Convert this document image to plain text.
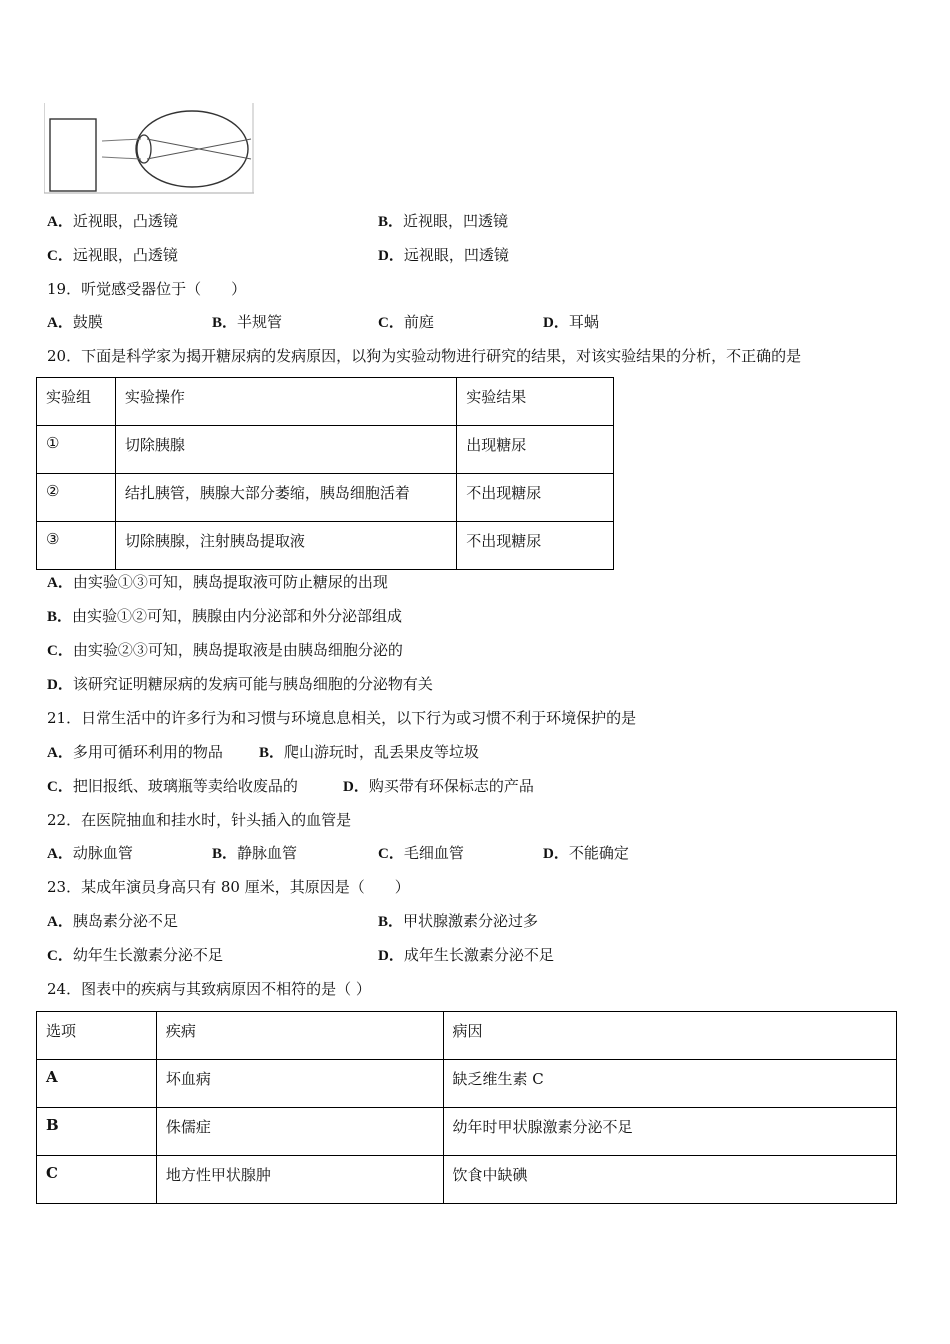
A．近视眼，凸透镜	B．近视眼，凹透镜
C．远视眼，凸透镜	D．远视眼，凹透镜
19．听觉感受器位于（　　）
A．鼓膜	B．半规管	C．前庭	D．耳蜗
20．下面是科学家为揭开糖尿病的发病原因，以狗为实验动物进行研究的结果，对该实验结果的分析，不正确的是
实验组	实验操作	实验结果
①	切除胰腺	出现糖尿
②	结扎胰管，胰腺大部分萎缩，胰岛细胞活着	不出现糖尿
③	切除胰腺，注射胰岛提取液	不出现糖尿
A．由实验①③可知，胰岛提取液可防止糖尿的出现
B．由实验①②可知，胰腺由内分泌部和外分泌部组成
C．由实验②③可知，胰岛提取液是由胰岛细胞分泌的
D．该研究证明糖尿病的发病可能与胰岛细胞的分泌物有关
21．日常生活中的许多行为和习惯与环境息息相关，以下行为或习惯不利于环境保护的是
A．多用可循环利用的物品 B．爬山游玩时，乱丢果皮等垃圾
C．把旧报纸、玻璃瓶等卖给收废品的	D．购买带有环保标志的产品
22．在医院抽血和挂水时，针头插入的血管是
A．动脉血管	B．静脉血管	C．毛细血管	D．不能确定
23．某成年演员身高只有 80 厘米，其原因是（　　）
A．胰岛素分泌不足	B．甲状腺激素分泌过多
C．幼年生长激素分泌不足	D．成年生长激素分泌不足
24．图表中的疾病与其致病原因不相符的是（ ）
选项	疾病	病因
A	坏血病	缺乏维生素 C
B	侏儒症	幼年时甲状腺激素分泌不足
C	地方性甲状腺肿	饮食中缺碘
